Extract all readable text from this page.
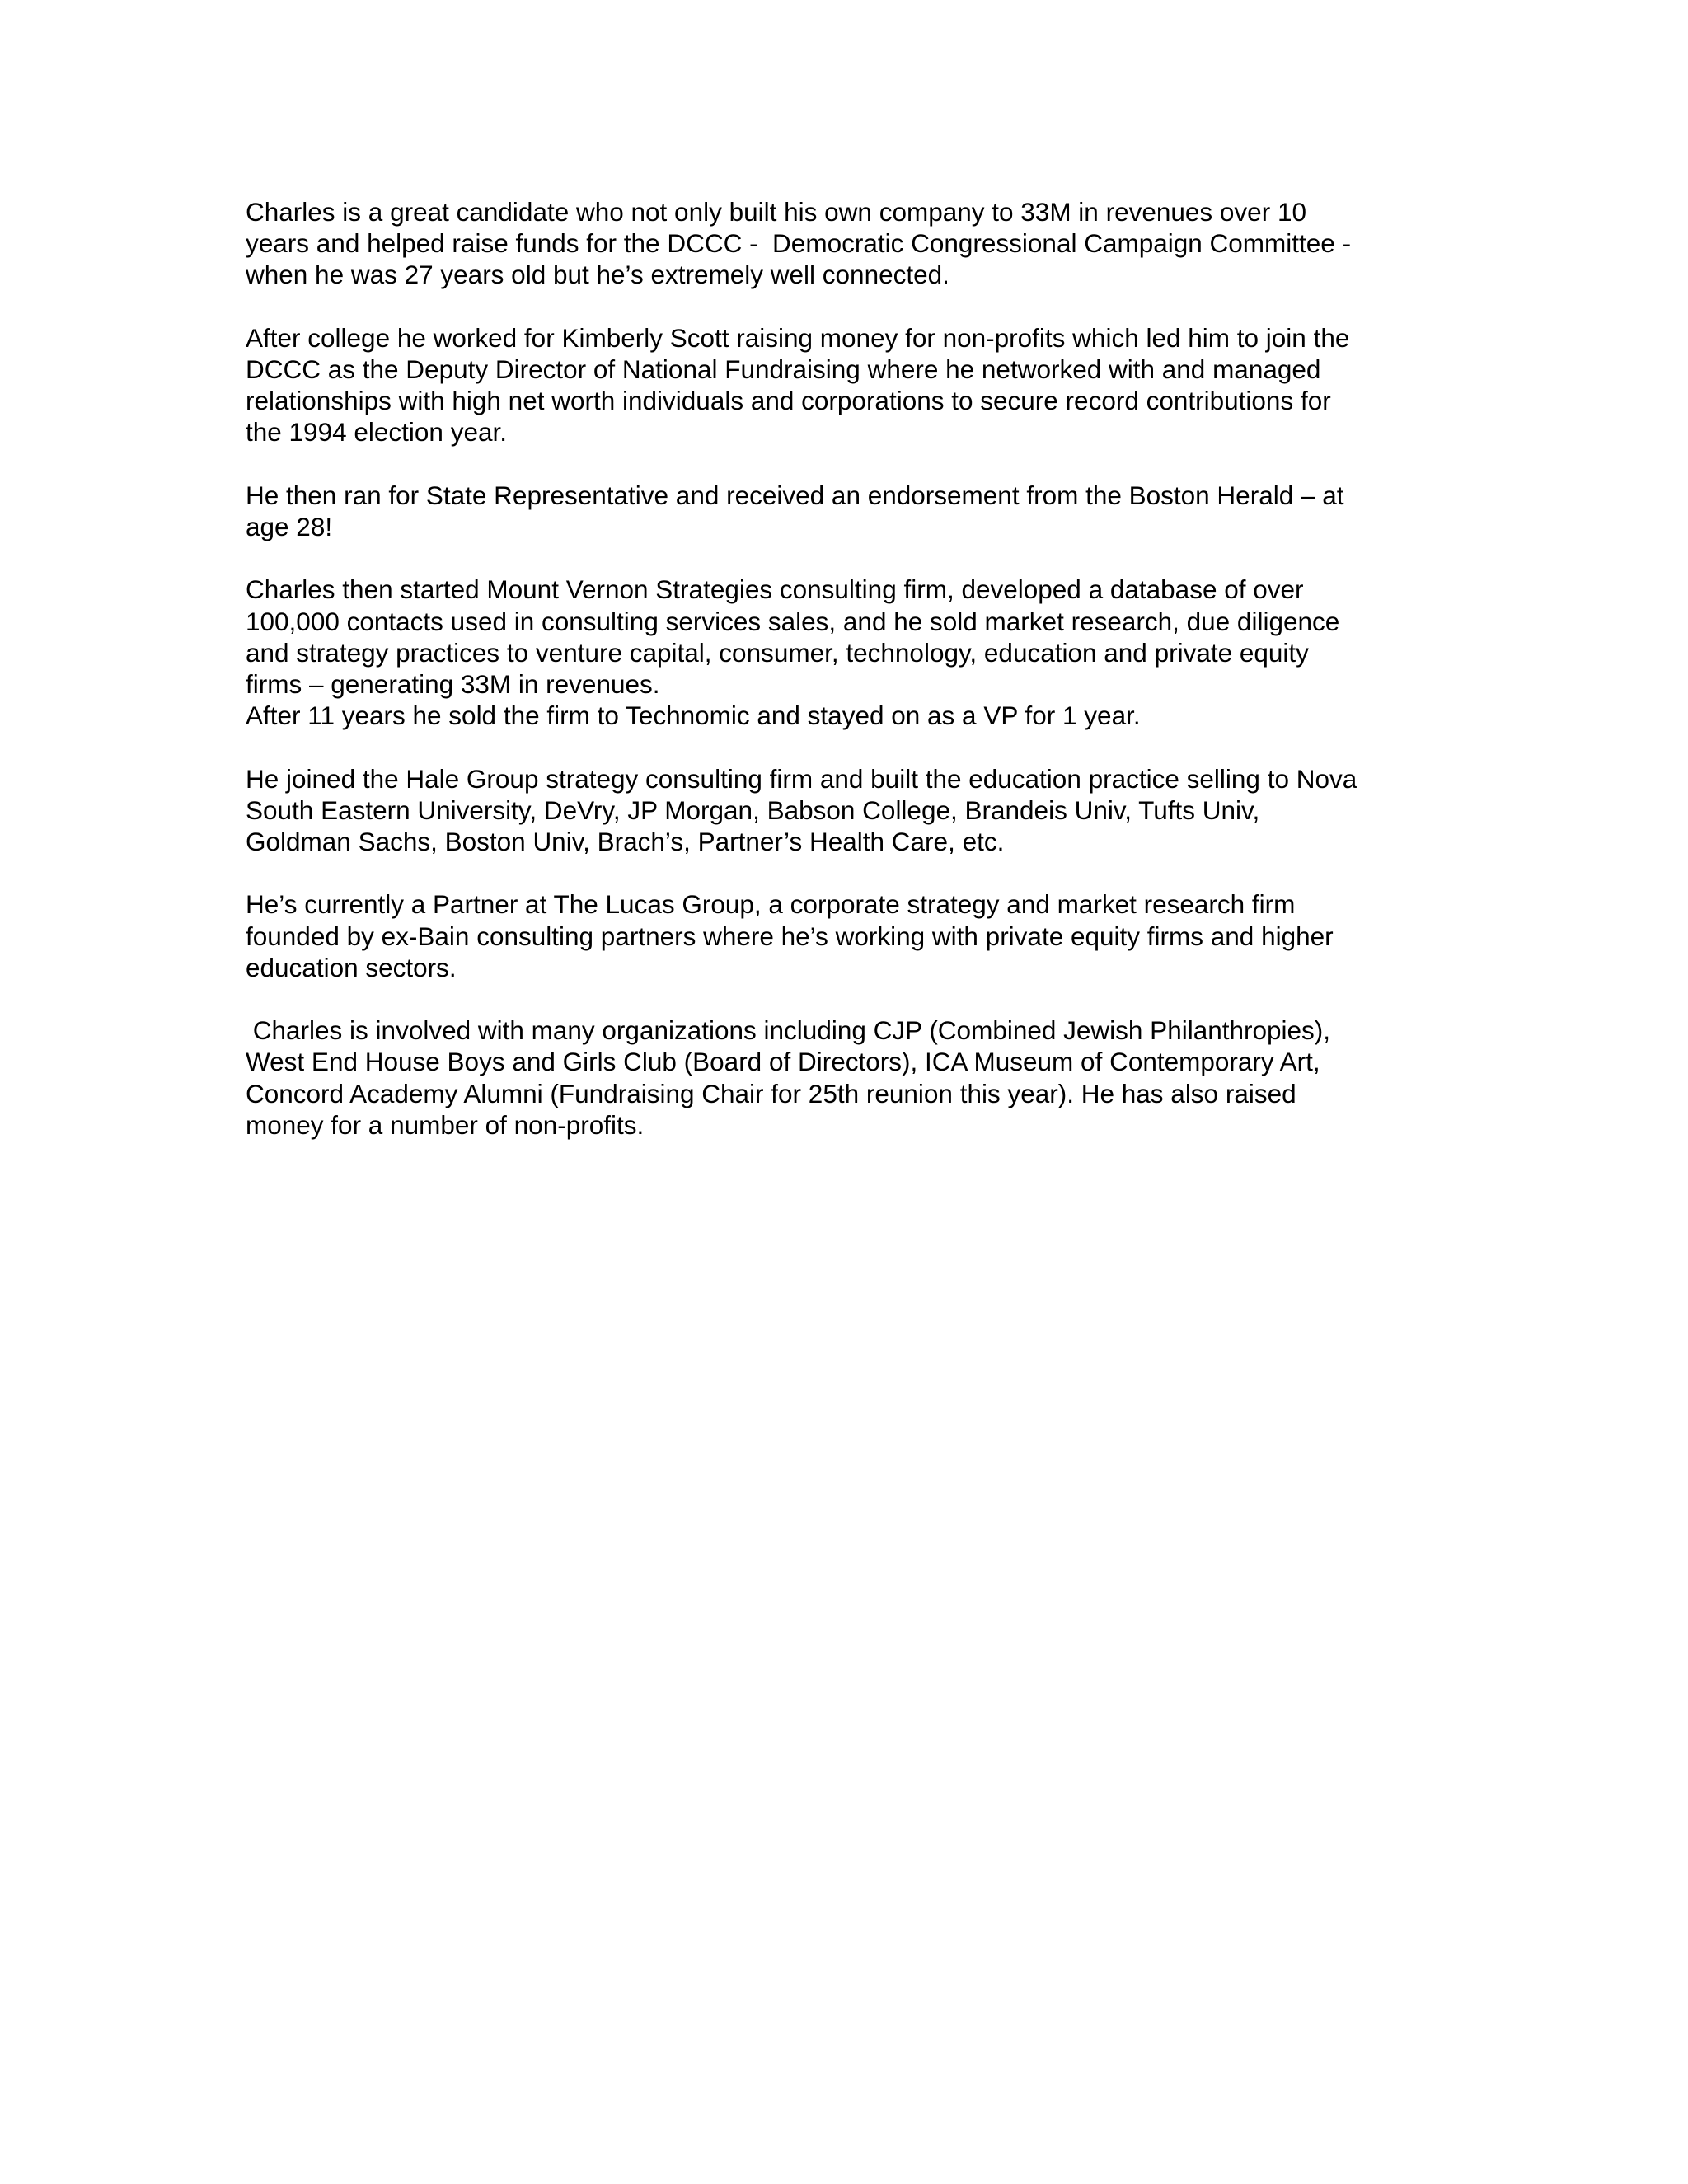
Charles is a great candidate who not only built his own company to 33M in revenues over 10
years and helped raise funds for the DCCC -  Democratic Congressional Campaign Committee -
when he was 27 years old but he’s extremely well connected.
After college he worked for Kimberly Scott raising money for non-profits which led him to join the
DCCC as the Deputy Director of National Fundraising where he networked with and managed
relationships with high net worth individuals and corporations to secure record contributions for
the 1994 election year.
He then ran for State Representative and received an endorsement from the Boston Herald – at
age 28!
Charles then started Mount Vernon Strategies consulting firm, developed a database of over
100,000 contacts used in consulting services sales, and he sold market research, due diligence
and strategy practices to venture capital, consumer, technology, education and private equity
firms – generating 33M in revenues.
After 11 years he sold the firm to Technomic and stayed on as a VP for 1 year.
He joined the Hale Group strategy consulting firm and built the education practice selling to Nova
South Eastern University, DeVry, JP Morgan, Babson College, Brandeis Univ, Tufts Univ,
Goldman Sachs, Boston Univ, Brach’s, Partner’s Health Care, etc.
He’s currently a Partner at The Lucas Group, a corporate strategy and market research firm
founded by ex-Bain consulting partners where he’s working with private equity firms and higher
education sectors.
Charles is involved with many organizations including CJP (Combined Jewish Philanthropies),
West End House Boys and Girls Club (Board of Directors), ICA Museum of Contemporary Art,
Concord Academy Alumni (Fundraising Chair for 25th reunion this year). He has also raised
money for a number of non-profits.
